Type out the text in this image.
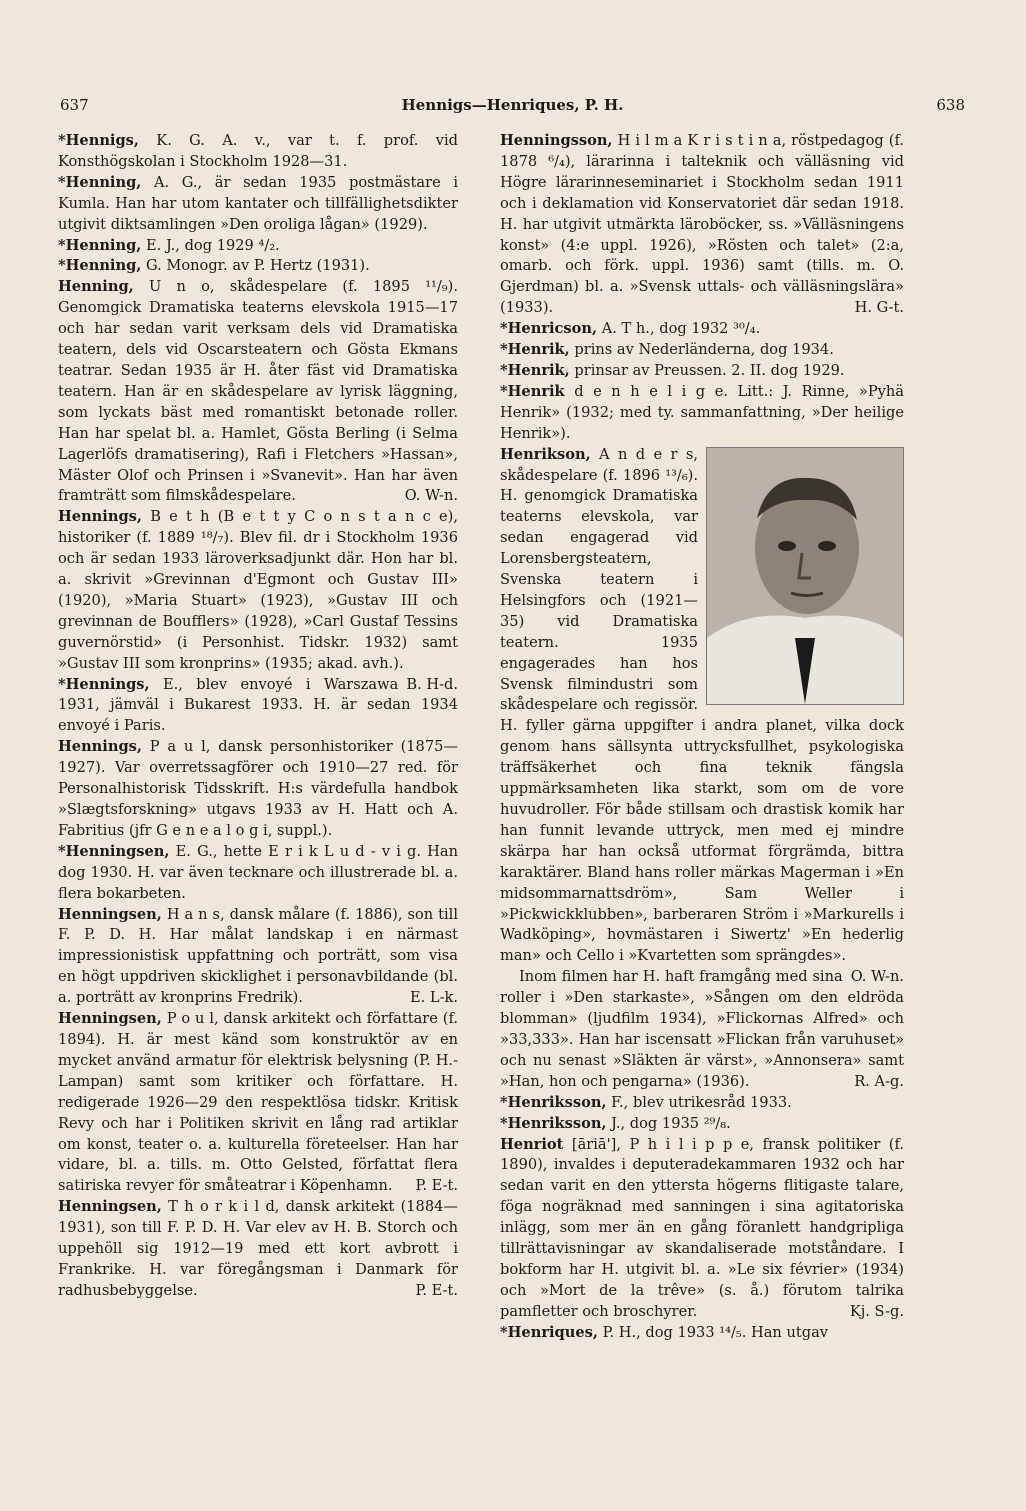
637	Hennigs—Henriques, P. H.	638

*Hennigs, K. G. A. v., var t. f. prof. vid Konsthögskolan i Stockholm 1928—31.

*Henning, A. G., är sedan 1935 postmästare i Kumla. Han har utom kantater och tillfällighetsdikter utgivit diktsamlingen »Den oroliga lågan» (1929).

*Henning, E. J., dog 1929 ⁴/₂.

*Henning, G. Monogr. av P. Hertz (1931).

Henning, U n o, skådespelare (f. 1895 ¹¹/₉). Genomgick Dramatiska teaterns elevskola 1915—17 och har sedan varit verksam dels vid Dramatiska teatern, dels vid Oscarsteatern och Gösta Ekmans teatrar. Sedan 1935 är H. åter fäst vid Dramatiska teatern. Han är en skådespelare av lyrisk läggning, som lyckats bäst med romantiskt betonade roller. Han har spelat bl. a. Hamlet, Gösta Berling (i Selma Lagerlöfs dramatisering), Rafi i Fletchers »Hassan», Mäster Olof och Prinsen i »Svanevit». Han har även framträtt som filmskådespelare.	O. W-n.

Hennings, B e t h (B e t t y C o n s t a n c e), historiker (f. 1889 ¹⁸/₇). Blev fil. dr i Stockholm 1936 och är sedan 1933 läroverksadjunkt där. Hon har bl. a. skrivit »Grevinnan d'Egmont och Gustav III» (1920), »Maria Stuart» (1923), »Gustav III och grevinnan de Boufflers» (1928), »Carl Gustaf Tessins guvernörstid» (i Personhist. Tidskr. 1932) samt »Gustav III som kronprins» (1935; akad. avh.).
B. H-d.

*Hennings, E., blev envoyé i Warszawa 1931, jämväl i Bukarest 1933. H. är sedan 1934 envoyé i Paris.

Hennings, P a u l, dansk personhistoriker (1875—1927). Var overretssagförer och 1910—27 red. för Personalhistorisk Tidsskrift. H:s värdefulla handbok »Slægtsforskning» utgavs 1933 av H. Hatt och A. Fabritius (jfr G e n e a l o g i, suppl.).

*Henningsen, E. G., hette E r i k L u d - v i g. Han dog 1930. H. var även tecknare och illustrerade bl. a. flera bokarbeten.

Henningsen, H a n s, dansk målare (f. 1886), son till F. P. D. H. Har målat landskap i en närmast impressionistisk uppfattning och porträtt, som visa en högt uppdriven skicklighet i personavbildande (bl. a. porträtt av kronprins Fredrik).	E. L-k.

Henningsen, P o u l, dansk arkitekt och författare (f. 1894). H. är mest känd som konstruktör av en mycket använd armatur för elektrisk belysning (P. H.-Lampan) samt som kritiker och författare. H. redigerade 1926—29 den respektlösa tidskr. Kritisk Revy och har i Politiken skrivit en lång rad artiklar om konst, teater o. a. kulturella företeelser. Han har vidare, bl. a. tills. m. Otto Gelsted, författat flera satiriska revyer för småteatrar i Köpenhamn.	P. E-t.

Henningsen, T h o r k i l d, dansk arkitekt (1884—1931), son till F. P. D. H. Var elev av H. B. Storch och uppehöll sig 1912—19 med ett kort avbrott i Frankrike. H. var föregångsman i Danmark för radhusbebyggelse.	P. E-t.

Henningsson, H i l m a K r i s t i n a, röstpedagog (f. 1878 ⁶/₄), lärarinna i talteknik och välläsning vid Högre lärarinneseminariet i Stockholm sedan 1911 och i deklamation vid Konservatoriet där sedan 1918. H. har utgivit utmärkta läroböcker, ss. »Välläsningens konst» (4:e uppl. 1926), »Rösten och talet» (2:a, omarb. och förk. uppl. 1936) samt (tills. m. O. Gjerdman) bl. a. »Svensk uttals- och välläsningslära» (1933).	H. G-t.

*Henricson, A. T h., dog 1932 ³⁰/₄.

*Henrik, prins av Nederländerna, dog 1934.

*Henrik, prinsar av Preussen. 2. II. dog 1929.

*Henrik d e n h e l i g e. Litt.: J. Rinne, »Pyhä Henrik» (1932; med ty. sammanfattning, »Der heilige Henrik»).

Henrikson, A n d e r s, skådespelare (f. 1896 ¹³/₆). H. genomgick Dramatiska teaterns elevskola, var sedan engagerad vid Lorensbergsteatern, Svenska teatern i Helsingfors och (1921—35) vid Dramatiska teatern. 1935 engagerades han hos Svensk filmindustri som skådespelare och regissör. H. fyller gärna uppgifter i andra planet, vilka dock genom hans sällsynta uttrycksfullhet, psykologiska träffsäkerhet och fina teknik fängsla uppmärksamheten lika starkt, som om de vore huvudroller. För både stillsam och drastisk komik har han funnit levande uttryck, men med ej mindre skärpa har han också utformat förgrämda, bittra karaktärer. Bland hans roller märkas Magerman i »En midsommarnattsdröm», Sam Weller i »Pickwickklubben», barberaren Ström i »Markurells i Wadköping», hovmästaren i Siwertz' »En hederlig man» och Cello i »Kvartetten som sprängdes».
O. W-n.

Inom filmen har H. haft framgång med sina roller i »Den starkaste», »Sången om den eldröda blomman» (ljudfilm 1934), »Flickornas Alfred» och »33,333». Han har iscensatt »Flickan från varuhuset» och nu senast »Släkten är värst», »Annonsera» samt »Han, hon och pengarna» (1936).	R. A-g.

*Henriksson, F., blev utrikesråd 1933.

*Henriksson, J., dog 1935 ²⁹/₈.

Henriot [āriā'], P h i l i p p e, fransk politiker (f. 1890), invaldes i deputeradekammaren 1932 och har sedan varit en den yttersta högerns flitigaste talare, föga nogräknad med sanningen i sina agitatoriska inlägg, som mer än en gång föranlett handgripliga tillrättavisningar av skandaliserade motståndare. I bokform har H. utgivit bl. a. »Le six février» (1934) och »Mort de la trêve» (s. å.) förutom talrika pamfletter och broschyrer.	Kj. S-g.

*Henriques, P. H., dog 1933 ¹⁴/₅. Han utgav
